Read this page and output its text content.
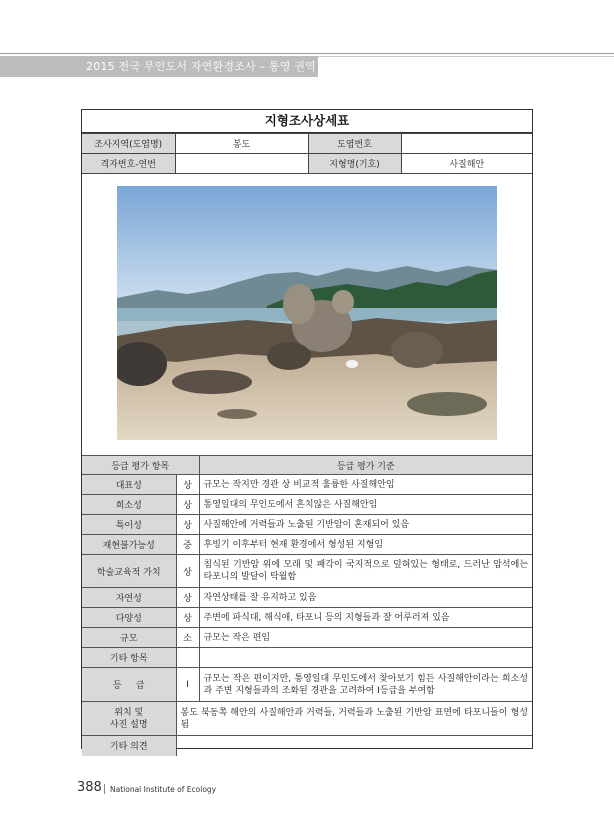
2015 전국 무인도서 자연환경조사 – 통영 권역
지형조사상세표
조사지역(도엽명)	봉도	도엽번호	
격자번호-연번		지형명(기호)	사질해안
등급 평가 항목		등급 평가 기준
대표성	상	규모는 작지만 경관 상 비교적 훌륭한 사질해안임
희소성	상	통영일대의 무인도에서 흔치않은 사질해안임
특이성	상	사질해안에 거력들과 노출된 기반암이 혼재되어 있음
재현불가능성	중	후빙기 이후부터 현재 환경에서 형성된 지형임
학술교육적 가치	상	침식된 기반암 위에 모래 및 패각이 국지적으로 덮혀있는 형태로, 드러난 암석에는 타포니의 발달이 탁월함
자연성	상	자연상태를 잘 유지하고 있음
다양성	상	주변에 파식대, 해식애, 타포니 등의 지형들과 잘 어루러져 있음
규모	소	규모는 작은 편임
기타 항목		
등     급	Ⅰ	규모는 작은 편이지만, 통영일대 무인도에서 찾아보기 힘든 사질해안이라는 희소성과 주변 지형들과의 조화된 경관을 고려하여 Ⅰ등급을 부여함
위치 및
사진 설명	봉도 북동쪽 해안의 사질해안과 거력들, 거력들과 노출된 기반암 표면에 타포니들이 형성됨	
기타 의견		
388 National Institute of Ecology
